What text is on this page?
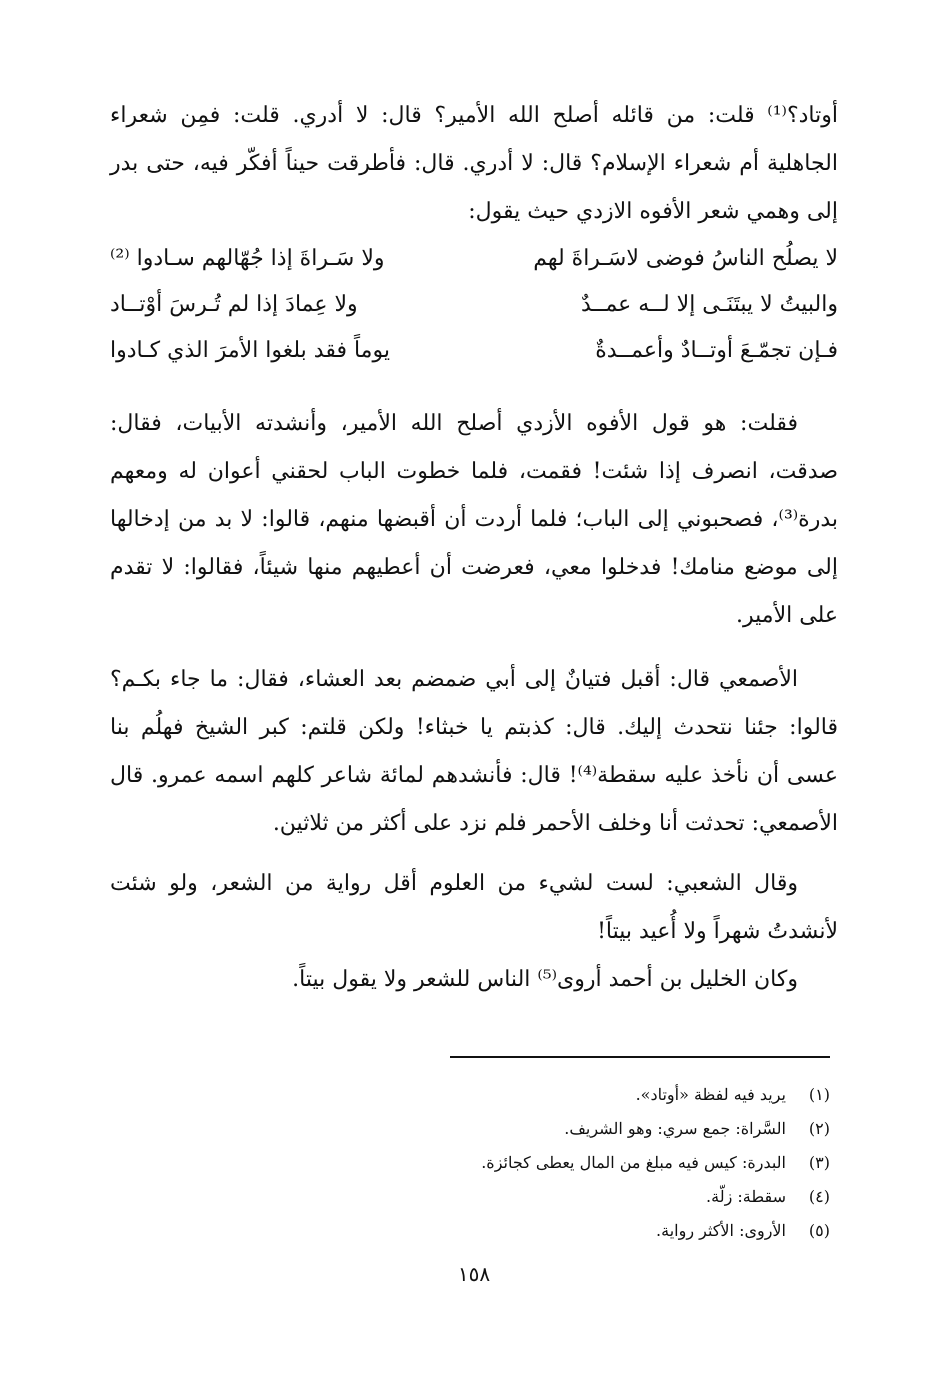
أوتاد؟⁽¹⁾ قلت: من قائله أصلح الله الأمير؟ قال: لا أدري. قلت: فمِن شعراء الجاهلية أم شعراء الإسلام؟ قال: لا أدري. قال: فأطرقت حيناً أفكّر فيه، حتى بدر إلى وهمي شعر الأفوه الازدي حيث يقول:
لا يصلُح الناسُ فوضى لاسَـراةَ لهم
ولا سَـراةَ إذا جُهّالهم سـادوا ⁽²⁾
والبيتُ لا يبتَنَـى إلا لــه عمــدٌ
ولا عِمادَ إذا لم تُـرسَ أوْتــاد
فـإن تجمّـعَ أوتــادٌ وأعمــدةٌ
يوماً فقد بلغوا الأمرَ الذي كـادوا
فقلت: هو قول الأفوه الأزدي أصلح الله الأمير، وأنشدته الأبيات، فقال: صدقت، انصرف إذا شئت! فقمت، فلما خطوت الباب لحقني أعوان له ومعهم بدرة⁽³⁾، فصحبوني إلى الباب؛ فلما أردت أن أقبضها منهم، قالوا: لا بد من إدخالها إلى موضع منامك! فدخلوا معي، فعرضت أن أعطيهم منها شيئاً، فقالوا: لا تقدم على الأمير.
الأصمعي قال: أقبل فتيانٌ إلى أبي ضمضم بعد العشاء، فقال: ما جاء بكـم؟ قالوا: جئنا نتحدث إليك. قال: كذبتم يا خبثاء! ولكن قلتم: كبر الشيخ فهلُم بنا عسى أن نأخذ عليه سقطة⁽⁴⁾! قال: فأنشدهم لمائة شاعر كلهم اسمه عمرو. قال الأصمعي: تحدثت أنا وخلف الأحمر فلم نزد على أكثر من ثلاثين.
وقال الشعبي: لست لشيء من العلوم أقل رواية من الشعر، ولو شئت لأنشدتُ شهراً ولا أُعيد بيتاً!
وكان الخليل بن أحمد أروى⁽⁵⁾ الناس للشعر ولا يقول بيتاً.
(١)يريد فيه لفظة «أوتاد».
(٢)السَّراة: جمع سري: وهو الشريف.
(٣)البدرة: كيس فيه مبلغ من المال يعطى كجائزة.
(٤)سقطة: زلّة.
(٥)الأروى: الأكثر رواية.
١٥٨
